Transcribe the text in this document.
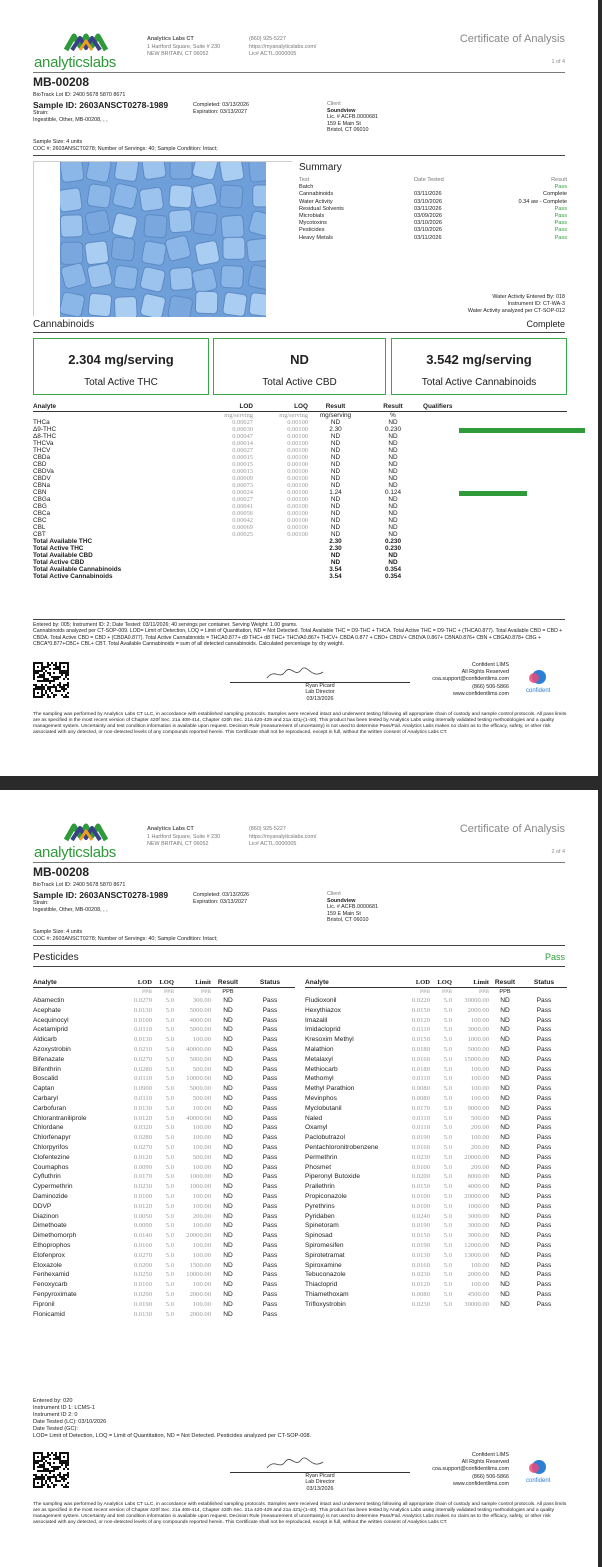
analyticslabs
Analytics Labs CT
1 Hartford Square, Suite # 230
NEW BRITAIN, CT 06052
(860) 925-5227
https://myanalyticslabs.com/
Lic# ACTL.0000005
Certificate of Analysis
1 of 4
MB-00208
BioTrack Lot ID: 2400 5678 5870 8671
Sample ID: 2603ANSCT0278-1989
Strain:
Ingestible, Other, MB-00208, , ,
Completed: 03/13/2026
Expiration: 03/13/2027
Client
Soundview
Lic. # ACFB.0000681
159 E Main St
Bristol, CT 06010
Sample Size: 4 units
COC #: 2603ANSCT0278; Number of Servings: 40; Sample Condition: Intact;
Summary
Test	Date Tested	Result
Batch		Pass
Cannabinoids	03/11/2026	Complete
Water Activity	03/10/2026	0.34 aw - Complete
Residual Solvents	03/11/2026	Pass
Microbials	03/09/2026	Pass
Mycotoxins	03/10/2026	Pass
Pesticides	03/10/2026	Pass
Heavy Metals	03/11/2026	Pass
Water Activity Entered By: 018
Instrument ID: CT-WA-3
Water Activity analyzed per CT-SOP-012
Cannabinoids	Complete
2.304 mg/serving
Total Active THC
ND
Total Active CBD
3.542 mg/serving
Total Active Cannabinoids
Analyte	LOD	LOQ	Result	Result	Qualifiers
	mg/serving	mg/serving	mg/serving	%	
THCa	0.00027	0.00100	ND	ND	
Δ9-THC	0.00030	0.00100	2.30	0.230	

Δ8-THC	0.00047	0.00100	ND	ND	
THCVa	0.00014	0.00100	ND	ND	
THCV	0.00027	0.00100	ND	ND	
CBDa	0.00015	0.00100	ND	ND	
CBD	0.00015	0.00100	ND	ND	
CBDVa	0.00013	0.00100	ND	ND	
CBDV	0.00009	0.00100	ND	ND	
CBNa	0.00073	0.00100	ND	ND	
CBN	0.00024	0.00100	1.24	0.124	

CBGa	0.00027	0.00100	ND	ND	
CBG	0.00041	0.00100	ND	ND	
CBCa	0.00056	0.00100	ND	ND	
CBC	0.00042	0.00100	ND	ND	
CBL	0.00069	0.00100	ND	ND	
CBT	0.00025	0.00100	ND	ND	
Total Available THC			2.30	0.230	
Total Active THC			2.30	0.230	
Total Available CBD			ND	ND	
Total Active CBD			ND	ND	
Total Available Cannabinoids			3.54	0.354	
Total Active Cannabinoids			3.54	0.354	
Entered by: 005; Instrument ID: 2; Date Tested: 03/11/2026; 40 servings per container. Serving Weight: 1.00 grams.
Cannabinoids analyzed per CT-SOP-009. LOD= Limit of Detection, LOQ = Limit of Quantitation, ND = Not Detected. Total Available THC = D9-THC + THCA. Total Active THC = D9-THC + (THCA0.877). Total Available CBD = CBD + CBDA. Total Active CBD = CBD + (CBDA0.877). Total Active Cannabinoids = THCA0.877+ d9 THC+ d8 THC+ THCVA0.867+ THCV+ CBDA 0.877 + CBD+ CBDV+ CBDVA 0.867+ CBNA0.876+ CBN + CBGA0.878+ CBG + CBCA*0.877+CBC+ CBL+ CBT. Total Available Cannabinoids = sum of all detected cannabinoids. Calculated percentage by dry weight.
Ryan Picard
Lab Director
03/13/2026
Confident LIMS
All Rights Reserved
coa.support@confidentlims.com
(866) 506-5866
www.confidentlims.com	confident
The sampling was performed by Analytics Labs CT LLC, in accordance with established sampling protocols. Samples were received intact and underwent testing following all appropriate chain of custody and sample control protocols. All pass limits are as specified in the most recent version of Chapter 420f Sec. 21a 408-414, Chapter 420h Sec. 21a 420-429 and 21a 421j-(1-40). This product has been tested by Analytics Labs using internally validated testing methodologies and a quality management system. Uncertainty and test condition information is available upon request. Decision Rule (measurement of uncertainty) is not used to determine Pass/Fail. Analytics Labs makes no claim as to the efficacy, safety, or other risk associated with any detected, or non-detected levels of any compounds reported herein. This Certificate shall not be reproduced, except in full, without the written consent of Analytics Labs CT.
analyticslabs
Analytics Labs CT
1 Hartford Square, Suite # 230
NEW BRITAIN, CT 06052
(860) 925-5227
https://myanalyticslabs.com/
Lic# ACTL.0000005
Certificate of Analysis
2 of 4
MB-00208
BioTrack Lot ID: 2400 5678 5870 8671
Sample ID: 2603ANSCT0278-1989
Strain:
Ingestible, Other, MB-00208, , ,
Completed: 03/13/2026
Expiration: 03/13/2027
Client
Soundview
Lic. # ACFB.0000681
159 E Main St
Bristol, CT 06010
Sample Size: 4 units
COC #: 2603ANSCT0278; Number of Servings: 40; Sample Condition: Intact;
Pesticides	Pass
Analyte	LOD	LOQ	Limit	Result	Status
	PPB	PPB	PPB	PPB	
Abamectin	0.0270	5.0	300.00	ND	Pass
Acephate	0.0130	5.0	5000.00	ND	Pass
Acequinocyl	0.0100	5.0	4000.00	ND	Pass
Acetamiprid	0.0110	5.0	5000.00	ND	Pass
Aldicarb	0.0130	5.0	100.00	ND	Pass
Azoxystrobin	0.0210	5.0	40000.00	ND	Pass
Bifenazate	0.0270	5.0	5000.00	ND	Pass
Bifenthrin	0.0280	5.0	500.00	ND	Pass
Boscalid	0.0110	5.0	10000.00	ND	Pass
Captan	0.0900	5.0	5000.00	ND	Pass
Carbaryl	0.0110	5.0	500.00	ND	Pass
Carbofuran	0.0130	5.0	100.00	ND	Pass
Chlorantraniliprole	0.0120	5.0	40000.00	ND	Pass
Chlordane	0.0320	5.0	100.00	ND	Pass
Chlorfenapyr	0.0280	5.0	100.00	ND	Pass
Chlorpyrifos	0.0270	5.0	100.00	ND	Pass
Clofentezine	0.0120	5.0	500.00	ND	Pass
Coumaphos	0.0090	5.0	100.00	ND	Pass
Cyfluthrin	0.0170	5.0	1000.00	ND	Pass
Cypermethrin	0.0230	5.0	1000.00	ND	Pass
Daminozide	0.0100	5.0	100.00	ND	Pass
DDVP	0.0120	5.0	100.00	ND	Pass
Diazinon	0.0050	5.0	200.00	ND	Pass
Dimethoate	0.0090	5.0	100.00	ND	Pass
Dimethomorph	0.0140	5.0	20000.00	ND	Pass
Ethoprophos	0.0160	5.0	100.00	ND	Pass
Etofenprox	0.0270	5.0	100.00	ND	Pass
Etoxazole	0.0200	5.0	1500.00	ND	Pass
Fenhexamid	0.0250	5.0	10000.00	ND	Pass
Fenoxycarb	0.0160	5.0	100.00	ND	Pass
Fenpyroximate	0.0290	5.0	2000.00	ND	Pass
Fipronil	0.0190	5.0	100.00	ND	Pass
Flonicamid	0.0130	5.0	2000.00	ND	Pass
Analyte	LOD	LOQ	Limit	Result	Status
	PPB	PPB	PPB	PPB	
Fludioxonil	0.0220	5.0	30000.00	ND	Pass
Hexythiazox	0.0150	5.0	2000.00	ND	Pass
Imazalil	0.0120	5.0	100.00	ND	Pass
Imidacloprid	0.0110	5.0	3000.00	ND	Pass
Kresoxim Methyl	0.0150	5.0	1000.00	ND	Pass
Malathion	0.0180	5.0	5000.00	ND	Pass
Metalaxyl	0.0160	5.0	15000.00	ND	Pass
Methiocarb	0.0180	5.0	100.00	ND	Pass
Methomyl	0.0110	5.0	100.00	ND	Pass
Methyl Parathion	0.0080	5.0	100.00	ND	Pass
Mevinphos	0.0080	5.0	100.00	ND	Pass
Myclobutanil	0.0170	5.0	9000.00	ND	Pass
Naled	0.0110	5.0	500.00	ND	Pass
Oxamyl	0.0110	5.0	200.00	ND	Pass
Paclobutrazol	0.0190	5.0	100.00	ND	Pass
Pentachloronitrobenzene	0.0160	5.0	200.00	ND	Pass
Permethrin	0.0230	5.0	20000.00	ND	Pass
Phosmet	0.0100	5.0	200.00	ND	Pass
Piperonyl Butoxide	0.0200	5.0	8000.00	ND	Pass
Prallethrin	0.0150	5.0	4000.00	ND	Pass
Propiconazole	0.0100	5.0	20000.00	ND	Pass
Pyrethrins	0.0100	5.0	1000.00	ND	Pass
Pyridaben	0.0240	5.0	3000.00	ND	Pass
Spinetoram	0.0190	5.0	3000.00	ND	Pass
Spinosad	0.0150	5.0	3000.00	ND	Pass
Spiromesifen	0.0190	5.0	12000.00	ND	Pass
Spirotetramat	0.0130	5.0	13000.00	ND	Pass
Spiroxamine	0.0160	5.0	100.00	ND	Pass
Tebuconazole	0.0230	5.0	2000.00	ND	Pass
Thiacloprid	0.0120	5.0	100.00	ND	Pass
Thiamethoxam	0.0080	5.0	4500.00	ND	Pass
Trifloxystrobin	0.0230	5.0	30000.00	ND	Pass
Entered by: 020
Instrument ID 1: LCMS-1
Instrument ID 2: 0
Date Tested (LC): 03/10/2026
Date Tested (GC):
LOD= Limit of Detection, LOQ = Limit of Quantitation, ND = Not Detected. Pesticides analyzed per CT-SOP-008.
Ryan Picard
Lab Director
03/13/2026
Confident LIMS
All Rights Reserved
coa.support@confidentlims.com
(866) 506-5866
www.confidentlims.com	confident
The sampling was performed by Analytics Labs CT LLC, in accordance with established sampling protocols. Samples were received intact and underwent testing following all appropriate chain of custody and sample control protocols. All pass limits are as specified in the most recent version of Chapter 420f Sec. 21a 408-414, Chapter 420h Sec. 21a 420-429 and 21a 421j-(1-40). This product has been tested by Analytics Labs using internally validated testing methodologies and a quality management system. Uncertainty and test condition information is available upon request. Decision Rule (measurement of uncertainty) is not used to determine Pass/Fail. Analytics Labs makes no claim as to the efficacy, safety, or other risk associated with any detected, or non-detected levels of any compounds reported herein. This Certificate shall not be reproduced, except in full, without the written consent of Analytics Labs CT.
